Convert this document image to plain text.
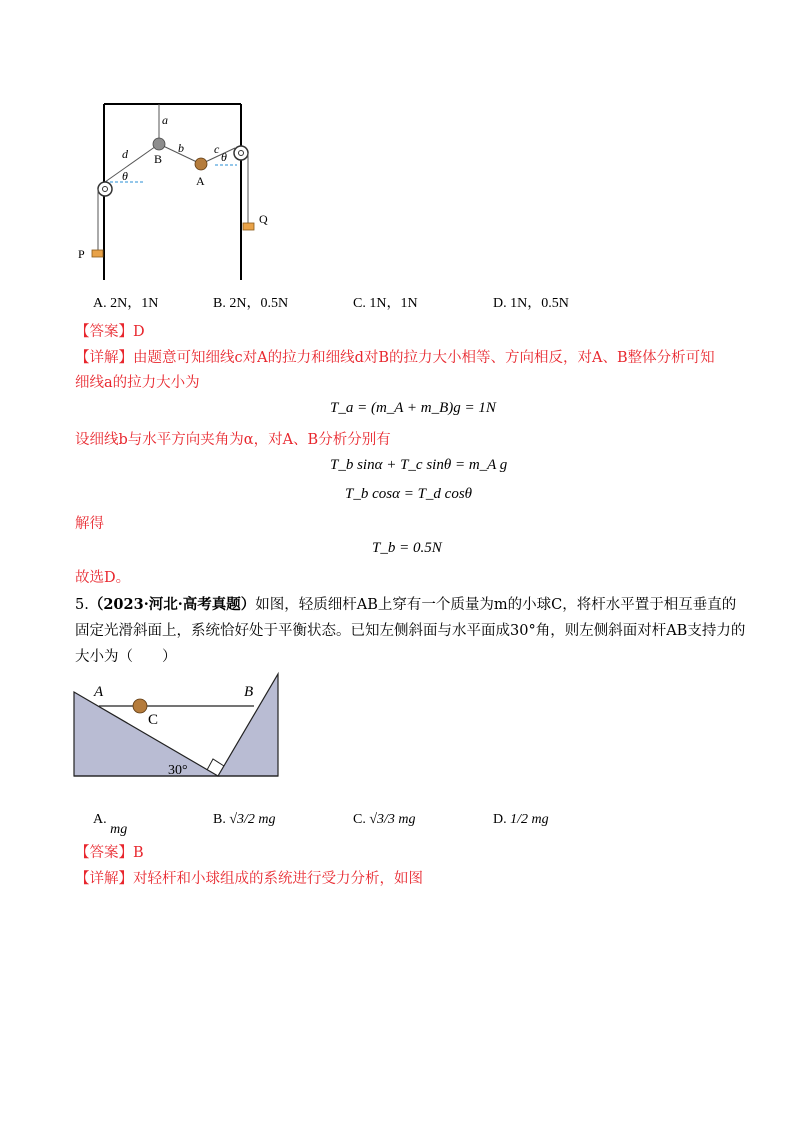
a
d	b	c
B
A
θ
θ
P
Q
A. 2N，1N	B. 2N，0.5N	C. 1N，1N	D. 1N，0.5N
【答案】D
【详解】由题意可知细线c对A的拉力和细线d对B的拉力大小相等、方向相反，对A、B整体分析可知
细线a的拉力大小为
T_a = (m_A + m_B)g = 1N
设细线b与水平方向夹角为α，对A、B分析分别有
T_b sinα + T_c sinθ = m_A g
T_b cosα = T_d cosθ
解得
T_b = 0.5N
故选D。
5.（2023·河北·高考真题）如图，轻质细杆AB上穿有一个质量为m的小球C，将杆水平置于相互垂直的
固定光滑斜面上，系统恰好处于平衡状态。已知左侧斜面与水平面成30°角，则左侧斜面对杆AB支持力的
大小为（　　）
A	B
C
30°
A. mg
B. √3/2 mg	C. √3/3 mg	D. 1/2 mg
【答案】B
【详解】对轻杆和小球组成的系统进行受力分析，如图
